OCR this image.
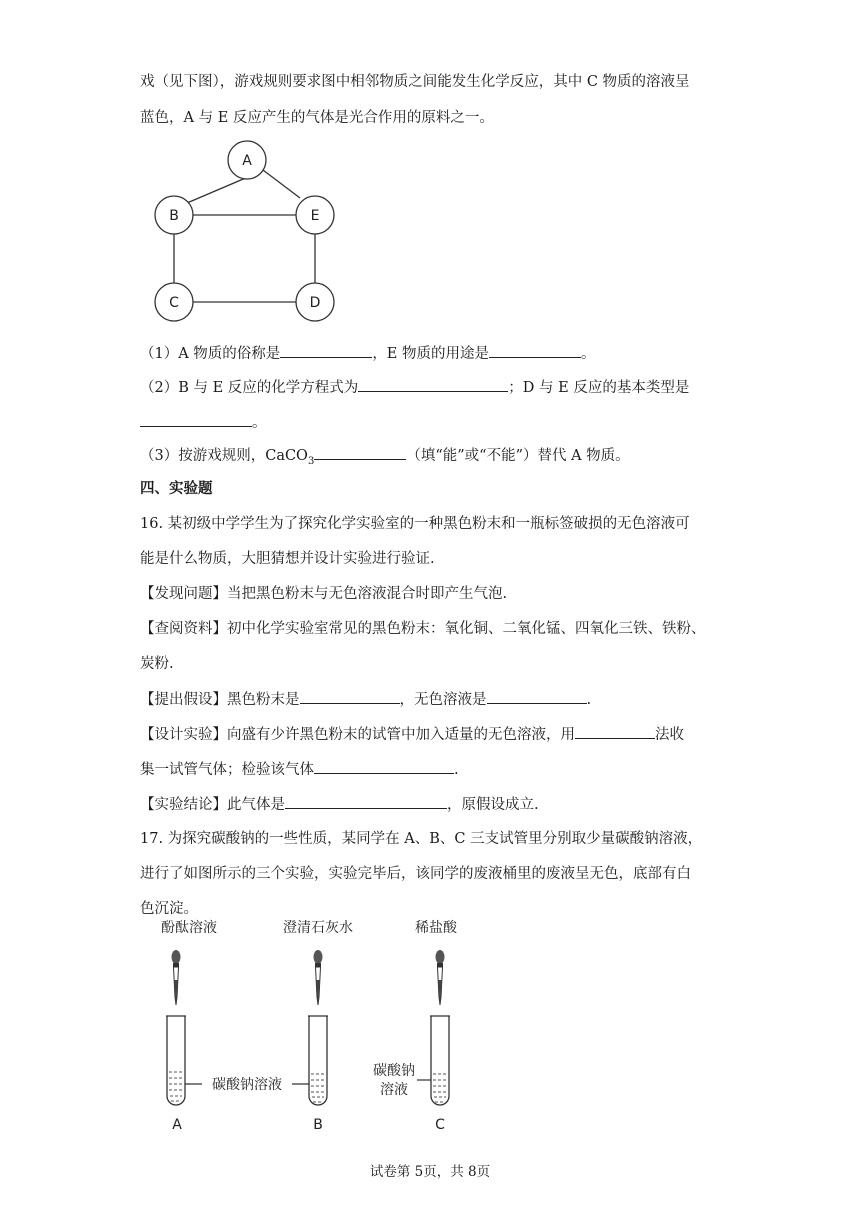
戏（见下图），游戏规则要求图中相邻物质之间能发生化学反应，其中 C 物质的溶液呈
蓝色，A 与 E 反应产生的气体是光合作用的原料之一。
A
B	E
C	D
（1）A 物质的俗称是	，E 物质的用途是	。
（2）B 与 E 反应的化学方程式为	；D 与 E 反应的基本类型是
。
（3）按游戏规则，CaCO$_3$	（填“能”或“不能”）替代 A 物质。
四、实验题
16. 某初级中学学生为了探究化学实验室的一种黑色粉末和一瓶标签破损的无色溶液可
能是什么物质，大胆猜想并设计实验进行验证.
【发现问题】当把黑色粉末与无色溶液混合时即产生气泡.
【查阅资料】初中化学实验室常见的黑色粉末：氧化铜、二氧化锰、四氧化三铁、铁粉、
炭粉.
【提出假设】黑色粉末是	，无色溶液是	.
【设计实验】向盛有少许黑色粉末的试管中加入适量的无色溶液，用	法收
集一试管气体；检验该气体	.
【实验结论】此气体是	，原假设成立.
17. 为探究碳酸钠的一些性质，某同学在 A、B、C 三支试管里分别取少量碳酸钠溶液，
进行了如图所示的三个实验，实验完毕后，该同学的废液桶里的废液呈无色，底部有白
色沉淀。
酚酞溶液	澄清石灰水	稀盐酸
碳酸钠溶液
碳酸钠
溶液
A	B	C
试卷第 5页，共 8页
